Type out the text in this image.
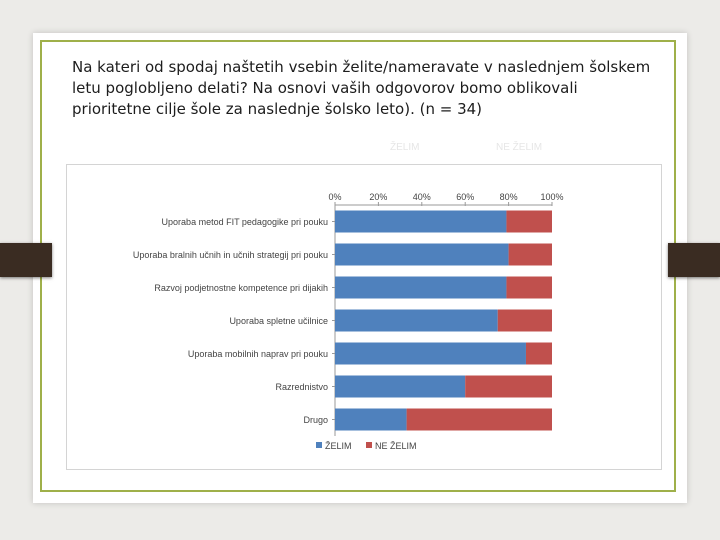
Na kateri od spodaj naštetih vsebin želite/nameravate v naslednjem šolskem
letu poglobljeno delati? Na osnovi vaših odgovorov bomo oblikovali
prioritetne cilje šole za naslednje šolsko leto). (n = 34)
ŽELIM	NE ŽELIM
0%	20%	40%	60%	80%	100%
Uporaba metod FIT pedagogike pri pouku
Uporaba bralnih učnih in učnih strategij pri pouku
Razvoj podjetnostne kompetence pri dijakih
Uporaba spletne učilnice
Uporaba mobilnih naprav pri pouku
Razrednistvo
Drugo
ŽELIM	NE ŽELIM
